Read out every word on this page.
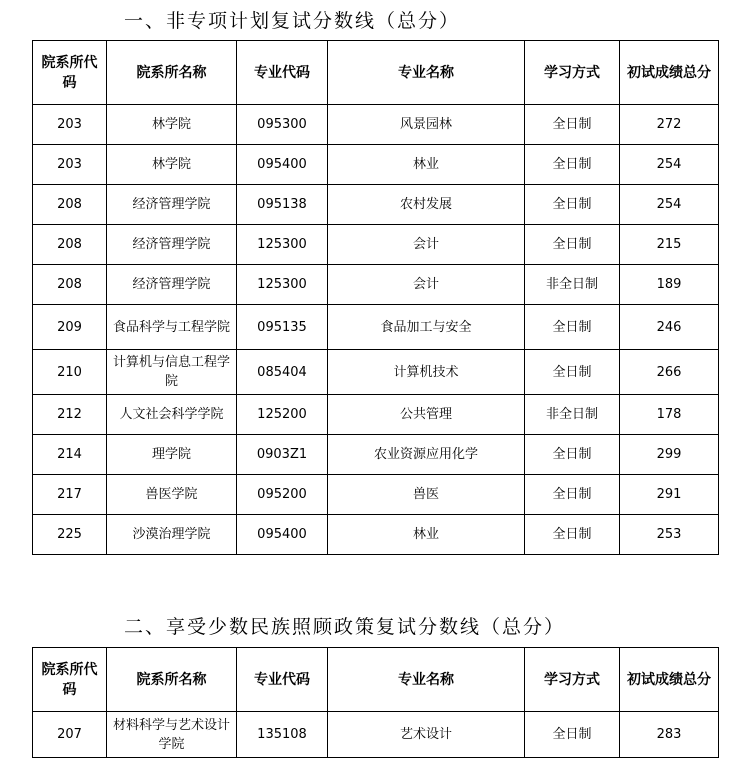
一、非专项计划复试分数线（总分）
院系所代码	院系所名称	专业代码	专业名称	学习方式	初试成绩总分
203	林学院	095300	风景园林	全日制	272
203	林学院	095400	林业	全日制	254
208	经济管理学院	095138	农村发展	全日制	254
208	经济管理学院	125300	会计	全日制	215
208	经济管理学院	125300	会计	非全日制	189
209	食品科学与工程学院	095135	食品加工与安全	全日制	246
210	计算机与信息工程学院	085404	计算机技术	全日制	266
212	人文社会科学学院	125200	公共管理	非全日制	178
214	理学院	0903Z1	农业资源应用化学	全日制	299
217	兽医学院	095200	兽医	全日制	291
225	沙漠治理学院	095400	林业	全日制	253
二、享受少数民族照顾政策复试分数线（总分）
院系所代码	院系所名称	专业代码	专业名称	学习方式	初试成绩总分
207	材料科学与艺术设计学院	135108	艺术设计	全日制	283
